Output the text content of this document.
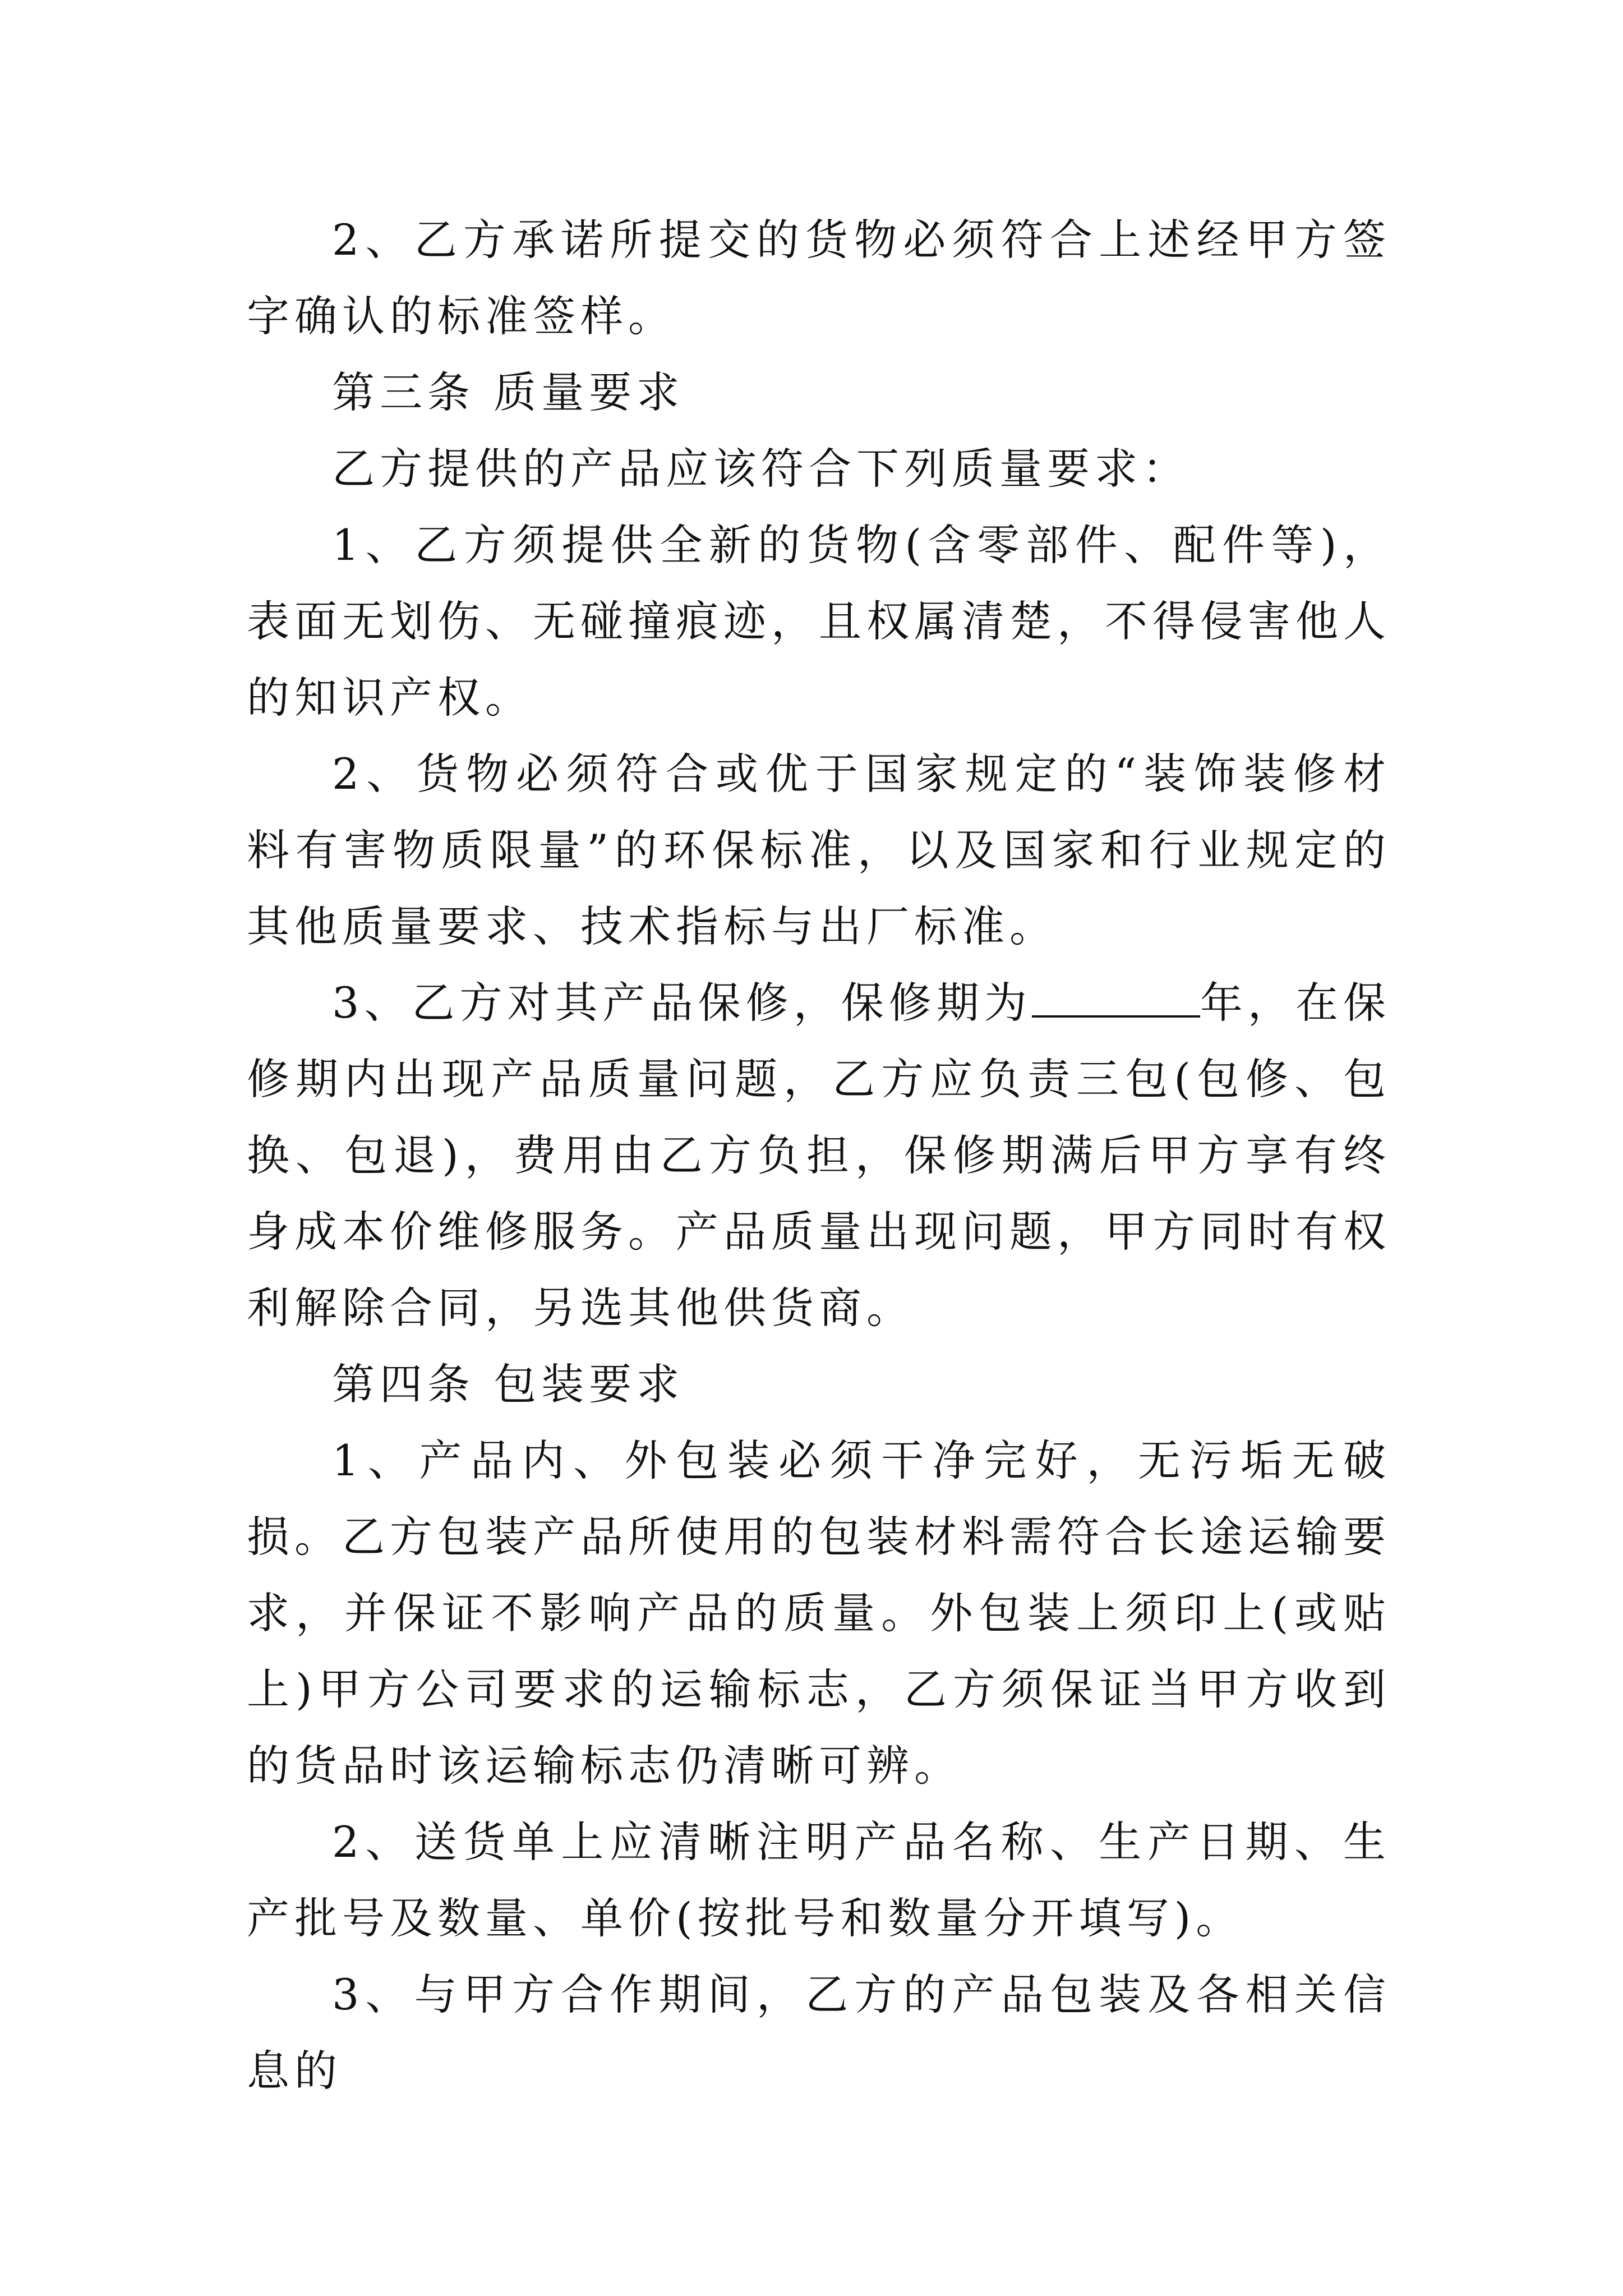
2、乙方承诺所提交的货物必须符合上述经甲方签字确认的标准签样。

第三条 质量要求

乙方提供的产品应该符合下列质量要求：

1、乙方须提供全新的货物(含零部件、配件等)，表面无划伤、无碰撞痕迹，且权属清楚，不得侵害他人的知识产权。

2、货物必须符合或优于国家规定的“装饰装修材料有害物质限量”的环保标准，以及国家和行业规定的其他质量要求、技术指标与出厂标准。

3、乙方对其产品保修，保修期为	年，在保修期内出现产品质量问题，乙方应负责三包(包修、包换、包退)，费用由乙方负担，保修期满后甲方享有终身成本价维修服务。产品质量出现问题，甲方同时有权利解除合同，另选其他供货商。

第四条 包装要求

1、产品内、外包装必须干净完好，无污垢无破损。乙方包装产品所使用的包装材料需符合长途运输要求，并保证不影响产品的质量。外包装上须印上(或贴上)甲方公司要求的运输标志，乙方须保证当甲方收到的货品时该运输标志仍清晰可辨。

2、送货单上应清晰注明产品名称、生产日期、生产批号及数量、单价(按批号和数量分开填写)。

3、与甲方合作期间，乙方的产品包装及各相关信息的
